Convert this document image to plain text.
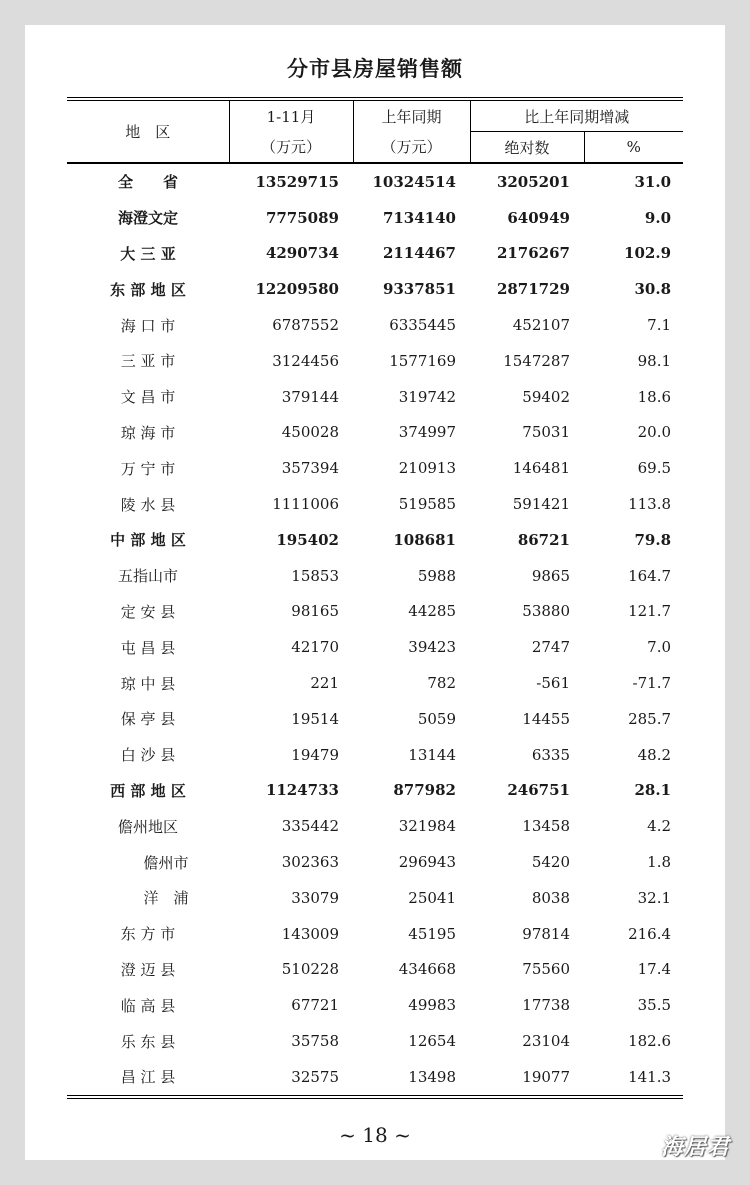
分市县房屋销售额
地　区	1-11月	上年同期	比上年同期增减	
	（万元）	（万元）	绝对数	%
全　　省	13529715	10324514	3205201	31.0
海澄文定	7775089	7134140	640949	9.0
大 三 亚	4290734	2114467	2176267	102.9
东 部 地 区	12209580	9337851	2871729	30.8
海 口 市	6787552	6335445	452107	7.1
三 亚 市	3124456	1577169	1547287	98.1
文 昌 市	379144	319742	59402	18.6
琼 海 市	450028	374997	75031	20.0
万 宁 市	357394	210913	146481	69.5
陵 水 县	1111006	519585	591421	113.8
中 部 地 区	195402	108681	86721	79.8
五指山市	15853	5988	9865	164.7
定 安 县	98165	44285	53880	121.7
屯 昌 县	42170	39423	2747	7.0
琼 中 县	221	782	-561	-71.7
保 亭 县	19514	5059	14455	285.7
白 沙 县	19479	13144	6335	48.2
西 部 地 区	1124733	877982	246751	28.1
儋州地区	335442	321984	13458	4.2
儋州市	302363	296943	5420	1.8
洋　浦	33079	25041	8038	32.1
东 方 市	143009	45195	97814	216.4
澄 迈 县	510228	434668	75560	17.4
临 高 县	67721	49983	17738	35.5
乐 东 县	35758	12654	23104	182.6
昌 江 县	32575	13498	19077	141.3
~ 18 ~	海居君
